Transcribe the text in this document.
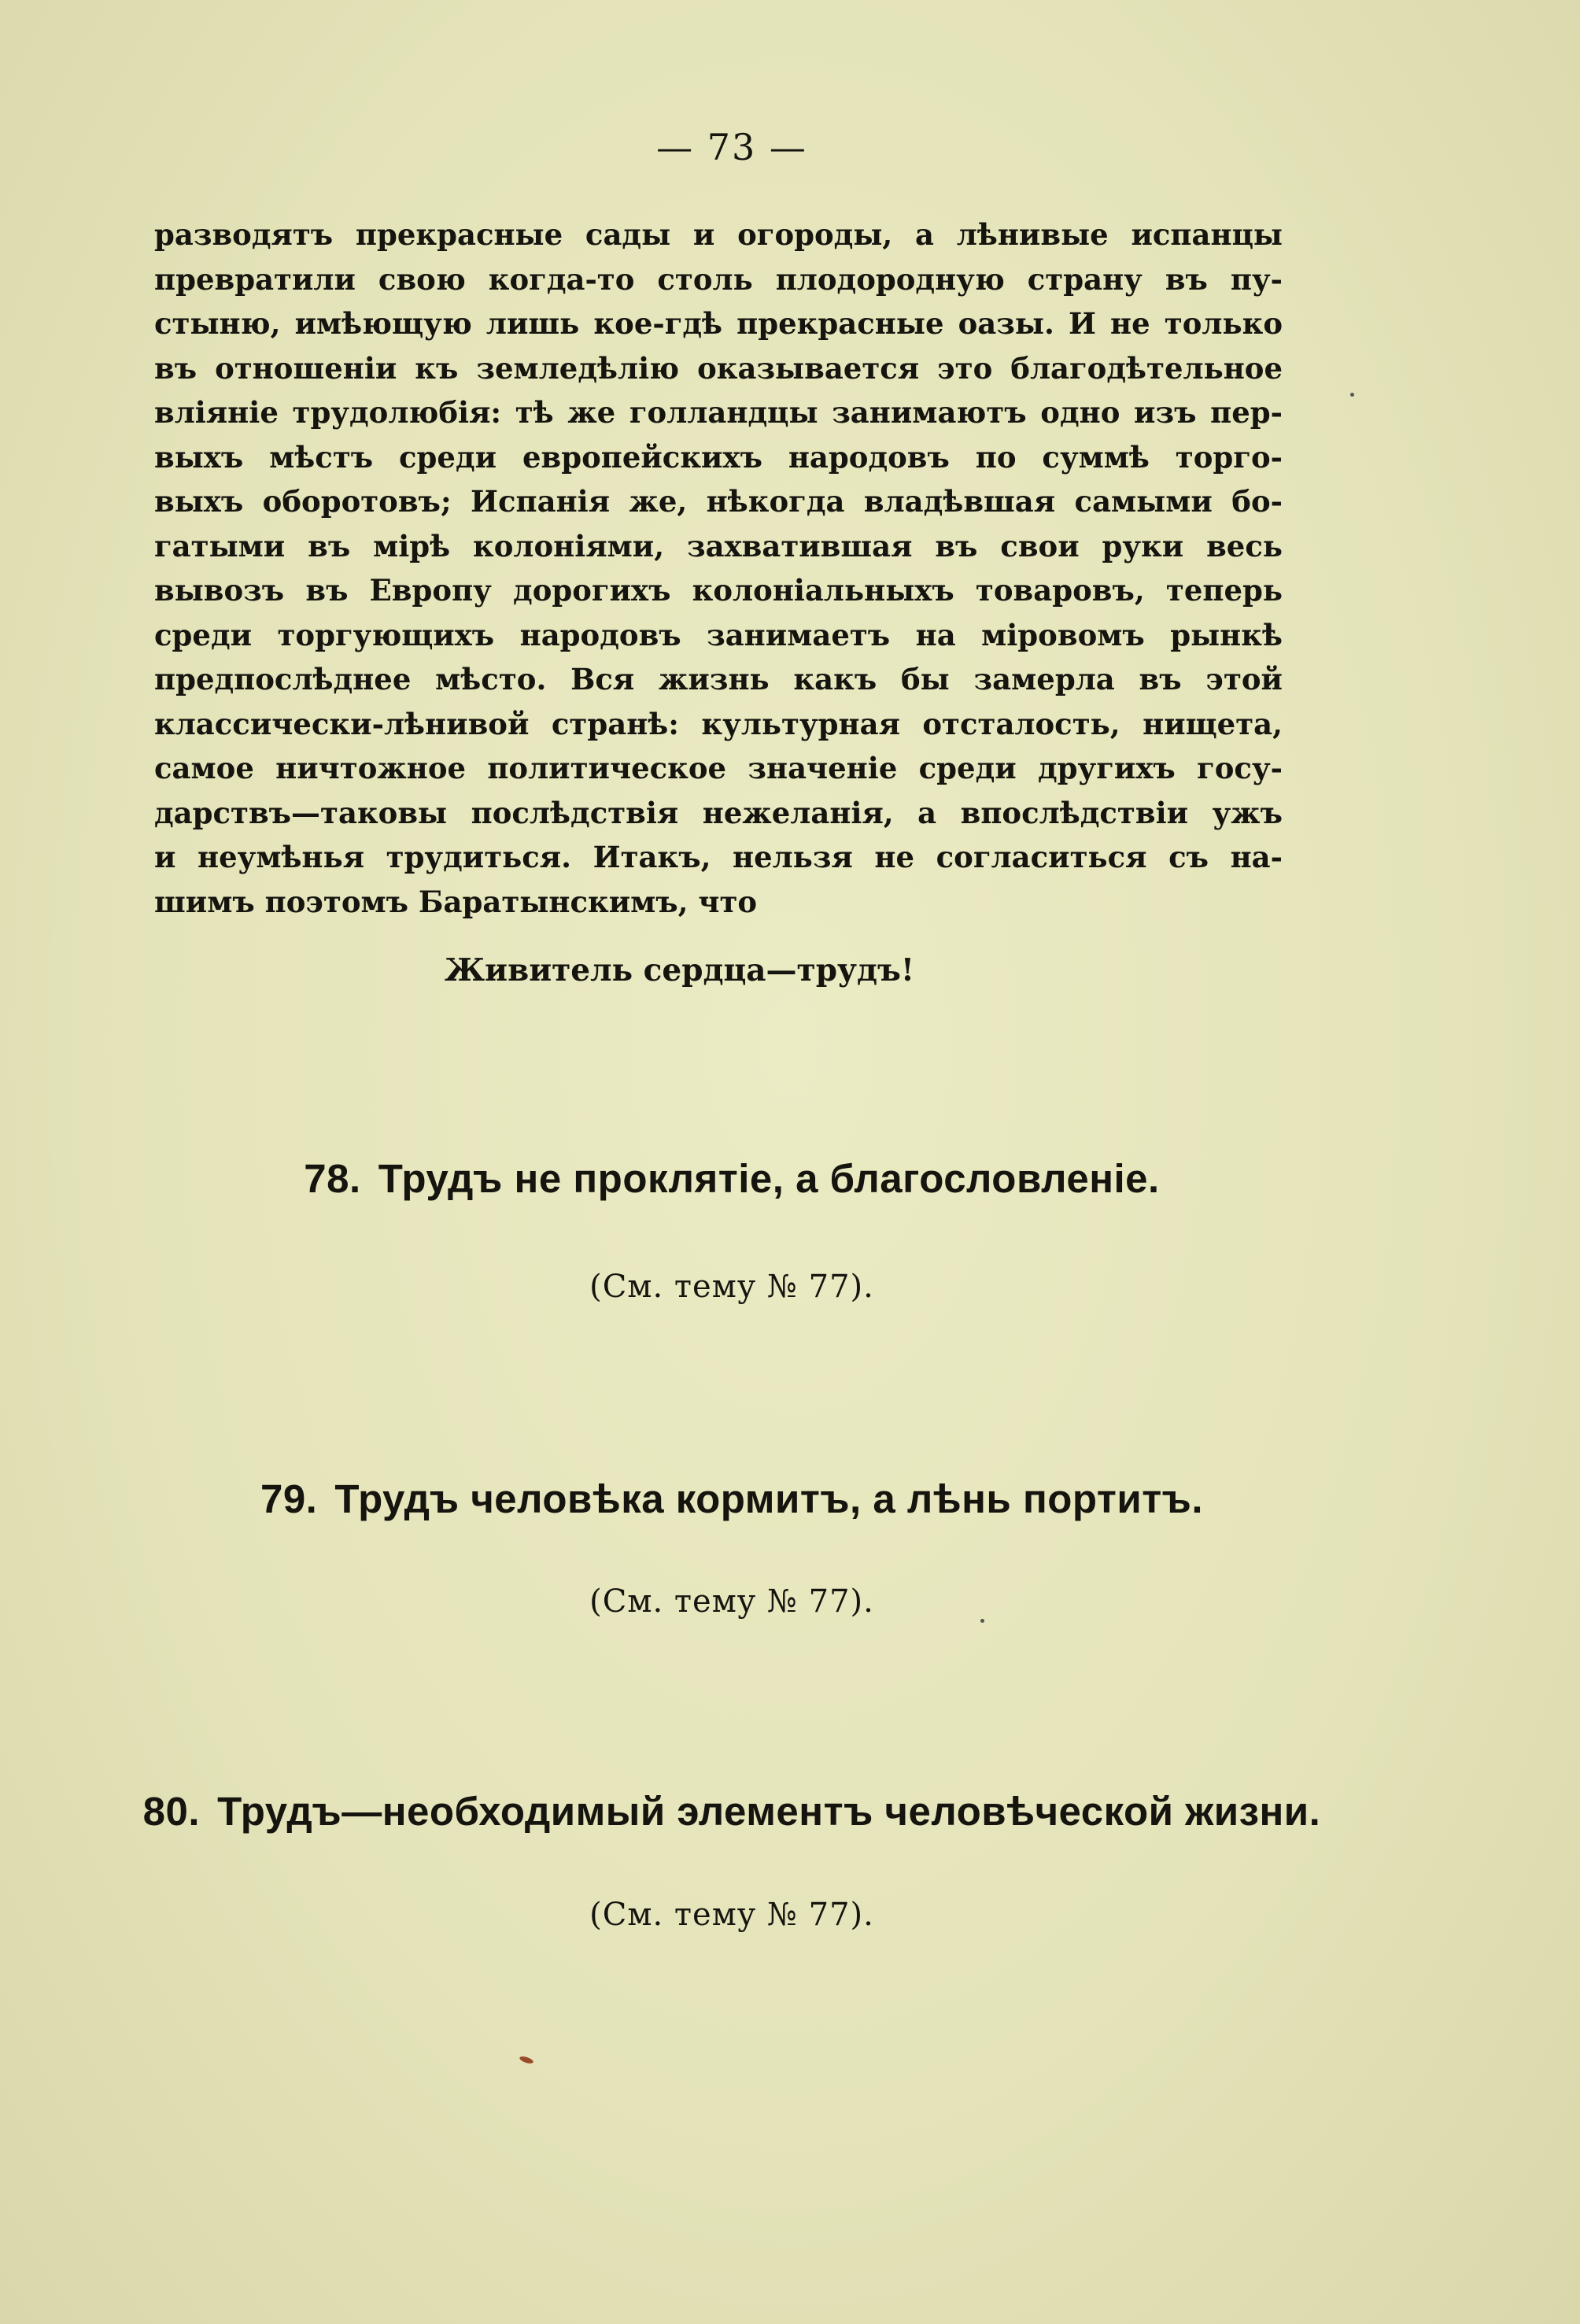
— 73 —
разводятъ прекрасные сады и огороды, а лѣнивые испанцы
превратили свою когда-то столь плодородную страну въ пу-
стыню, имѣющую лишь кое-гдѣ прекрасные оазы. И не только
въ отношеніи къ земледѣлію оказывается это благодѣтельное
вліяніе трудолюбія: тѣ же голландцы занимаютъ одно изъ пер-
выхъ мѣстъ среди европейскихъ народовъ по суммѣ торго-
выхъ оборотовъ; Испанія же, нѣкогда владѣвшая самыми бо-
гатыми въ мірѣ колоніями, захватившая въ свои руки весь
вывозъ въ Европу дорогихъ колоніальныхъ товаровъ, теперь
среди торгующихъ народовъ занимаетъ на міровомъ рынкѣ
предпослѣднее мѣсто. Вся жизнь какъ бы замерла въ этой
классически-лѣнивой странѣ: культурная отсталость, нищета,
самое ничтожное политическое значеніе среди другихъ госу-
дарствъ—таковы послѣдствія нежеланія, а впослѣдствіи ужъ
и неумѣнья трудиться. Итакъ, нельзя не согласиться съ на-
шимъ поэтомъ Баратынскимъ, что
Живитель сердца—трудъ!
78. Трудъ не проклятіе, а благословленіе.
(См. тему № 77).
79. Трудъ человѣка кормитъ, а лѣнь портитъ.
(См. тему № 77).
80. Трудъ—необходимый элементъ человѣческой жизни.
(См. тему № 77).
